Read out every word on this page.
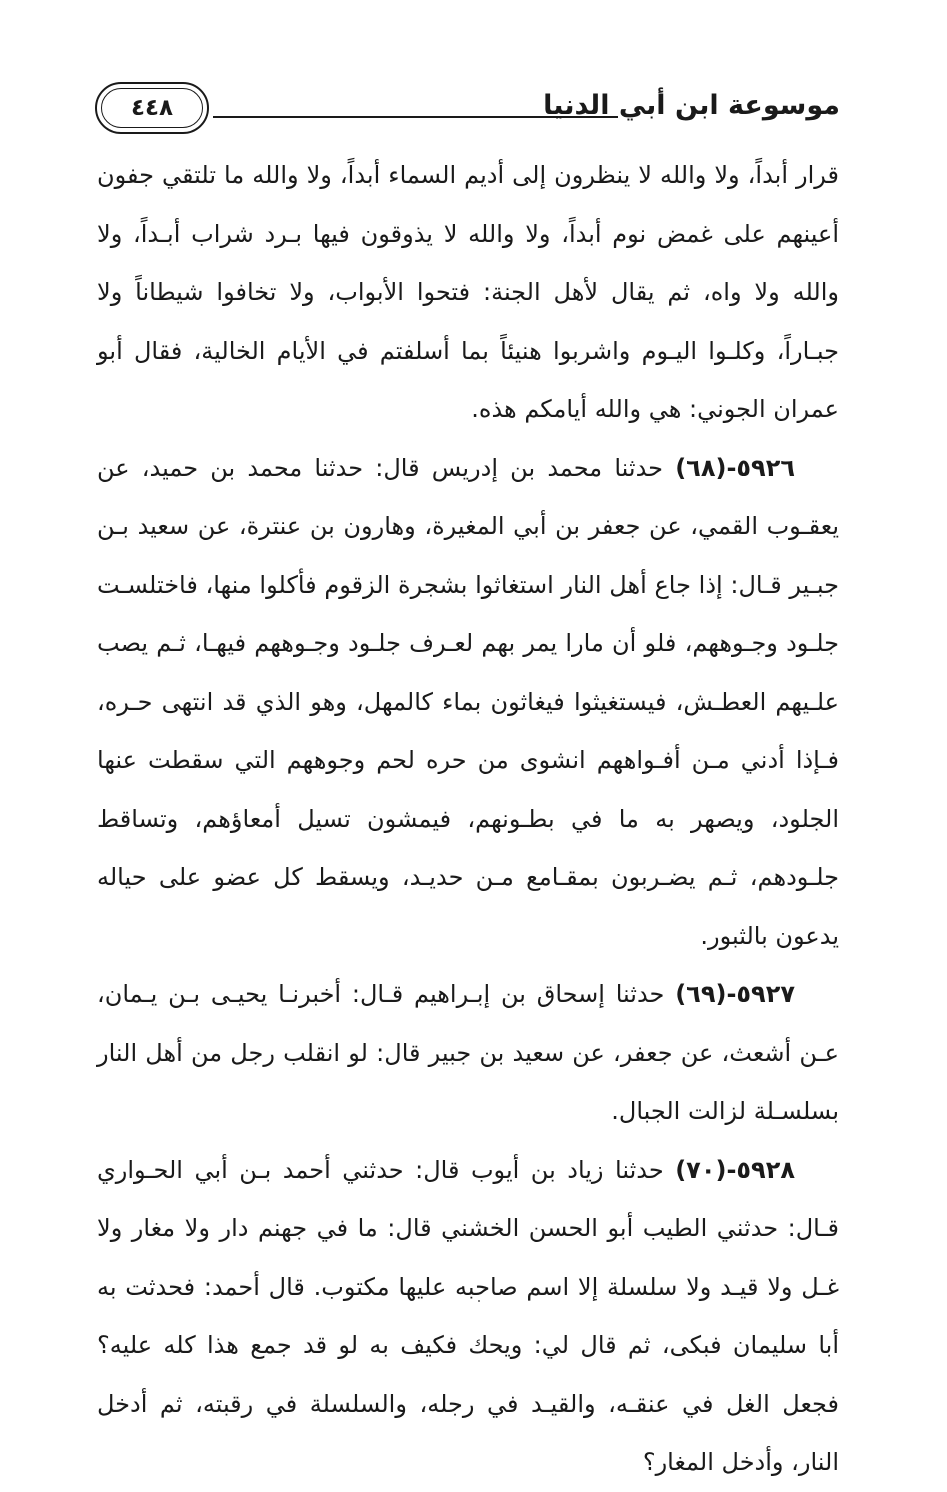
موسوعة ابن أبي الدنيا
٤٤٨

قرار أبداً، ولا والله لا ينظرون إلى أديم السماء أبداً، ولا والله ما تلتقي جفون أعينهم على غمض نوم أبداً، ولا والله لا يذوقون فيها بـرد شراب أبـداً، ولا والله ولا واه، ثم يقال لأهل الجنة: فتحوا الأبواب، ولا تخافوا شيطاناً ولا جبـاراً، وكلـوا اليـوم واشربوا هنيئاً بما أسلفتم في الأيام الخالية، فقال أبو عمران الجوني: هي والله أيامكم هذه.

٥٩٢٦-(٦٨) حدثنا محمد بن إدريس قال: حدثنا محمد بن حميد، عن يعقـوب القمي، عن جعفر بن أبي المغيرة، وهارون بن عنترة، عن سعيد بـن جبـير قـال: إذا جاع أهل النار استغاثوا بشجرة الزقوم فأكلوا منها، فاختلسـت جلـود وجـوههم، فلو أن مارا يمر بهم لعـرف جلـود وجـوههم فيهـا، ثـم يصب علـيهم العطـش، فيستغيثوا فيغاثون بماء كالمهل، وهو الذي قد انتهى حـره، فـإذا أدني مـن أفـواههم انشوى من حره لحم وجوههم التي سقطت عنها الجلود، ويصهر به ما في بطـونهم، فيمشون تسيل أمعاؤهم، وتساقط جلـودهم، ثـم يضـربون بمقـامع مـن حديـد، ويسقط كل عضو على حياله يدعون بالثبور.

٥٩٢٧-(٦٩) حدثنا إسحاق بن إبـراهيم قـال: أخبرنـا يحيـى بـن يـمان، عـن أشعث، عن جعفر، عن سعيد بن جبير قال: لو انقلب رجل من أهل النار بسلسـلة لزالت الجبال.

٥٩٢٨-(٧٠) حدثنا زياد بن أيوب قال: حدثني أحمد بـن أبي الحـواري قـال: حدثني الطيب أبو الحسن الخشني قال: ما في جهنم دار ولا مغار ولا غـل ولا قيـد ولا سلسلة إلا اسم صاحبه عليها مكتوب. قال أحمد: فحدثت به أبا سليمان فبكى، ثم قال لي: ويحك فكيف به لو قد جمع هذا كله عليه؟ فجعل الغل في عنقـه، والقيـد في رجله، والسلسلة في رقبته، ثم أدخل النار، وأدخل المغار؟
